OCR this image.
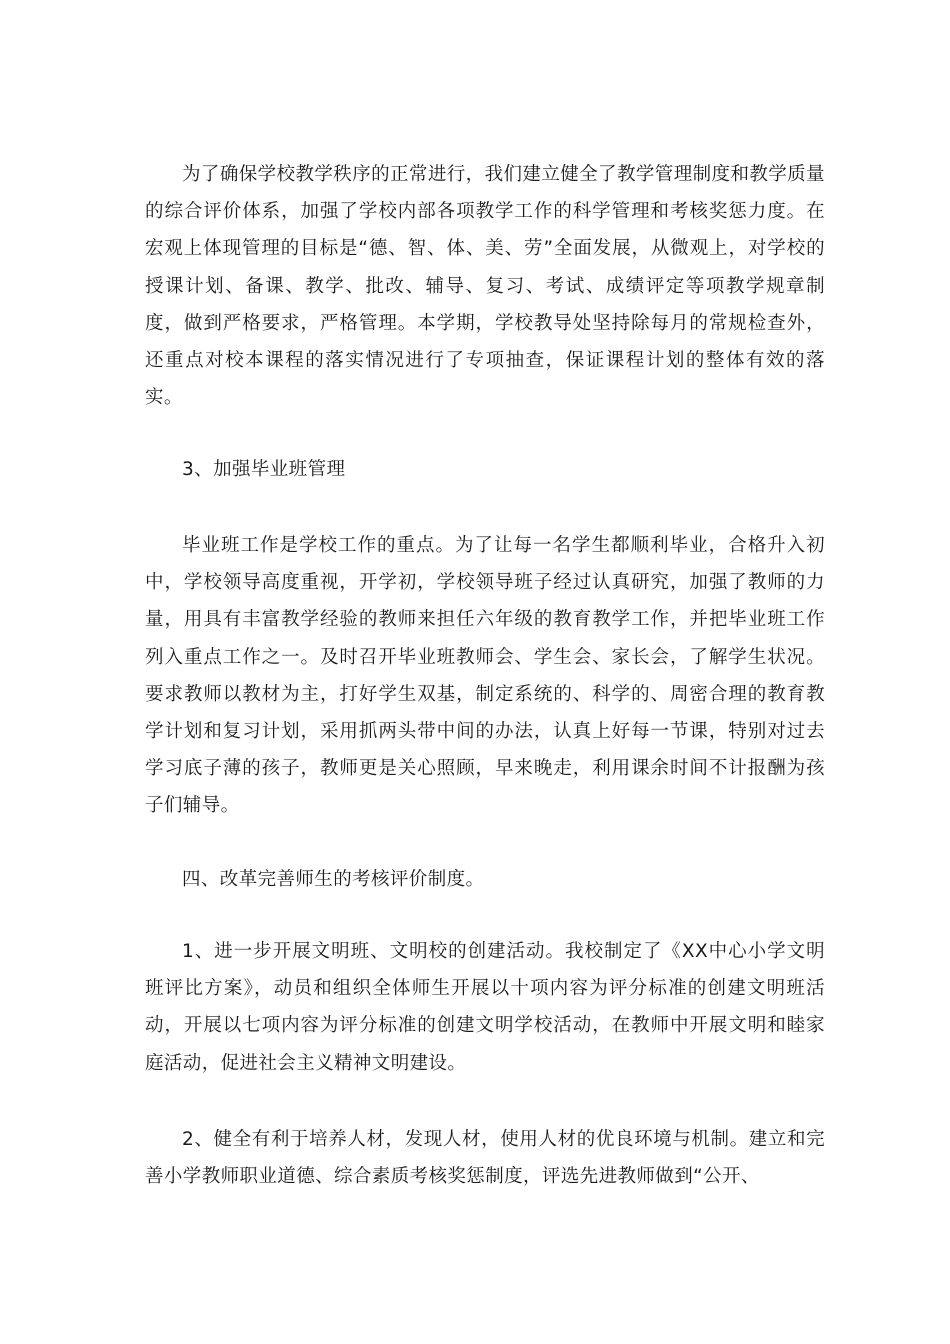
为了确保学校教学秩序的正常进行，我们建立健全了教学管理制度和教学质量的综合评价体系，加强了学校内部各项教学工作的科学管理和考核奖惩力度。在宏观上体现管理的目标是“德、智、体、美、劳”全面发展，从微观上，对学校的授课计划、备课、教学、批改、辅导、复习、考试、成绩评定等项教学规章制度，做到严格要求，严格管理。本学期，学校教导处坚持除每月的常规检查外，还重点对校本课程的落实情况进行了专项抽查，保证课程计划的整体有效的落实。

3、加强毕业班管理

毕业班工作是学校工作的重点。为了让每一名学生都顺利毕业，合格升入初中，学校领导高度重视，开学初，学校领导班子经过认真研究，加强了教师的力量，用具有丰富教学经验的教师来担任六年级的教育教学工作，并把毕业班工作列入重点工作之一。及时召开毕业班教师会、学生会、家长会，了解学生状况。要求教师以教材为主，打好学生双基，制定系统的、科学的、周密合理的教育教学计划和复习计划，采用抓两头带中间的办法，认真上好每一节课，特别对过去学习底子薄的孩子，教师更是关心照顾，早来晚走，利用课余时间不计报酬为孩子们辅导。

四、改革完善师生的考核评价制度。

1、进一步开展文明班、文明校的创建活动。我校制定了《XX中心小学文明班评比方案》，动员和组织全体师生开展以十项内容为评分标准的创建文明班活动，开展以七项内容为评分标准的创建文明学校活动，在教师中开展文明和睦家庭活动，促进社会主义精神文明建设。

2、健全有利于培养人材，发现人材，使用人材的优良环境与机制。建立和完善小学教师职业道德、综合素质考核奖惩制度，评选先进教师做到“公开、
